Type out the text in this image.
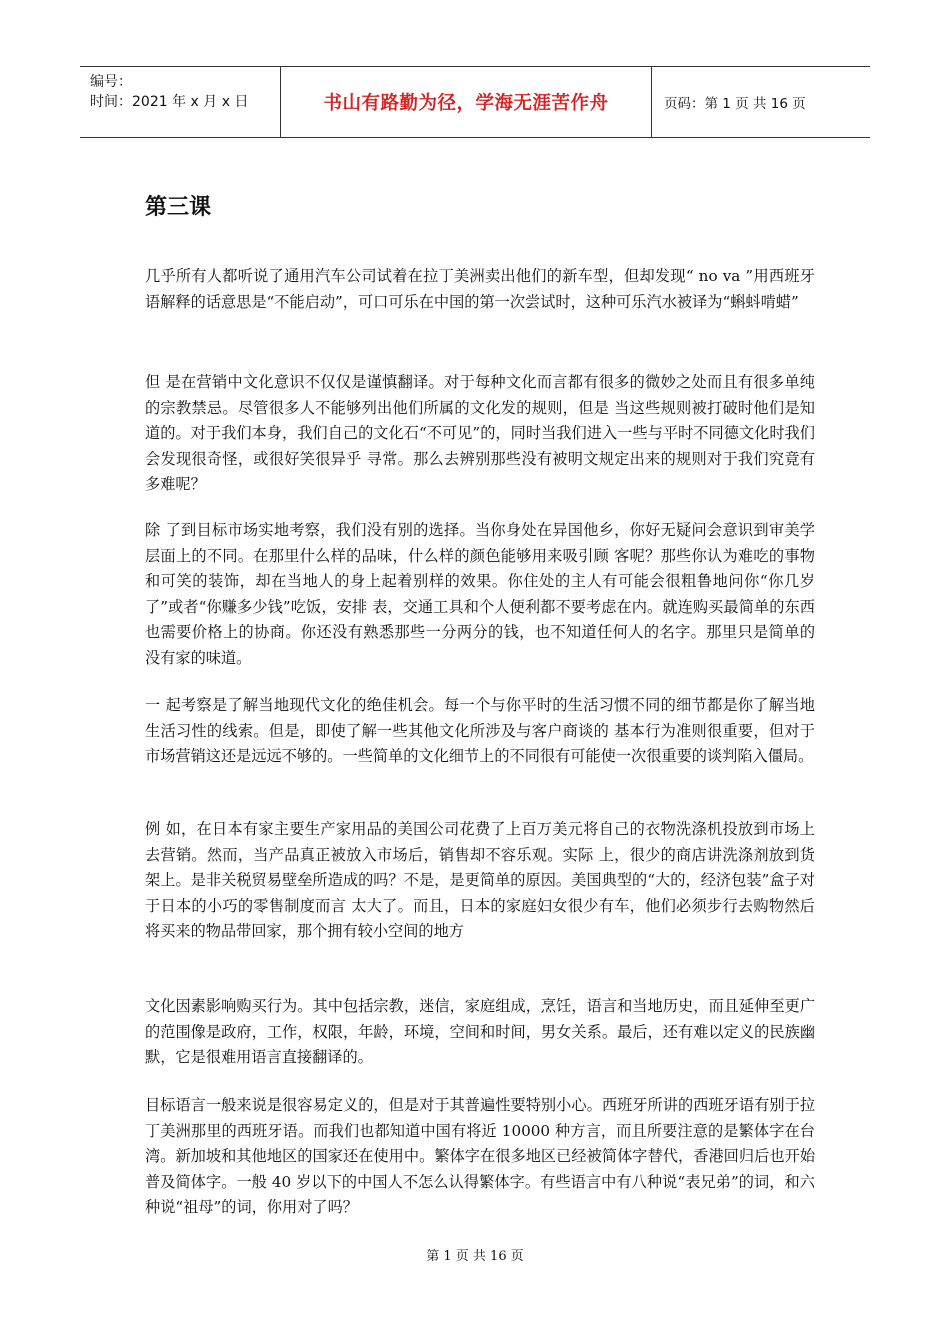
编号：
时间：2021 年 x 月 x 日	书山有路勤为径，学海无涯苦作舟	页码：第 1 页 共 16 页
第三课

几乎所有人都听说了通用汽车公司试着在拉丁美洲卖出他们的新车型，但却发现“ no va ”用西班牙语解释的话意思是“不能启动”，可口可乐在中国的第一次尝试时，这种可乐汽水被译为“蝌蚪啃蜡”

但 是在营销中文化意识不仅仅是谨慎翻译。对于每种文化而言都有很多的微妙之处而且有很多单纯的宗教禁忌。尽管很多人不能够列出他们所属的文化发的规则，但是 当这些规则被打破时他们是知道的。对于我们本身，我们自己的文化石“不可见”的，同时当我们进入一些与平时不同德文化时我们会发现很奇怪，或很好笑很异乎 寻常。那么去辨别那些没有被明文规定出来的规则对于我们究竟有多难呢？

除 了到目标市场实地考察，我们没有别的选择。当你身处在异国他乡，你好无疑问会意识到审美学层面上的不同。在那里什么样的品味，什么样的颜色能够用来吸引顾 客呢？那些你认为难吃的事物和可笑的装饰，却在当地人的身上起着别样的效果。你住处的主人有可能会很粗鲁地问你“你几岁了”或者“你赚多少钱”吃饭，安排 表，交通工具和个人便利都不要考虑在内。就连购买最简单的东西也需要价格上的协商。你还没有熟悉那些一分两分的钱，也不知道任何人的名字。那里只是简单的 没有家的味道。

一 起考察是了解当地现代文化的绝佳机会。每一个与你平时的生活习惯不同的细节都是你了解当地生活习性的线索。但是，即使了解一些其他文化所涉及与客户商谈的 基本行为准则很重要，但对于市场营销这还是远远不够的。一些简单的文化细节上的不同很有可能使一次很重要的谈判陷入僵局。

例 如，在日本有家主要生产家用品的美国公司花费了上百万美元将自己的衣物洗涤机投放到市场上去营销。然而，当产品真正被放入市场后，销售却不容乐观。实际 上，很少的商店讲洗涤剂放到货架上。是非关税贸易壁垒所造成的吗？不是，是更简单的原因。美国典型的“大的，经济包装”盒子对于日本的小巧的零售制度而言 太大了。而且，日本的家庭妇女很少有车，他们必须步行去购物然后将买来的物品带回家，那个拥有较小空间的地方

文化因素影响购买行为。其中包括宗教，迷信，家庭组成，烹饪，语言和当地历史，而且延伸至更广的范围像是政府，工作，权限，年龄，环境，空间和时间，男女关系。最后，还有难以定义的民族幽默，它是很难用语言直接翻译的。

目标语言一般来说是很容易定义的，但是对于其普遍性要特别小心。西班牙所讲的西班牙语有别于拉丁美洲那里的西班牙语。而我们也都知道中国有将近 10000 种方言，而且所要注意的是繁体字在台湾。新加坡和其他地区的国家还在使用中。繁体字在很多地区已经被简体字替代，香港回归后也开始普及简体字。一般 40 岁以下的中国人不怎么认得繁体字。有些语言中有八种说“表兄弟”的词，和六种说“祖母”的词，你用对了吗？

第 1 页 共 16 页
